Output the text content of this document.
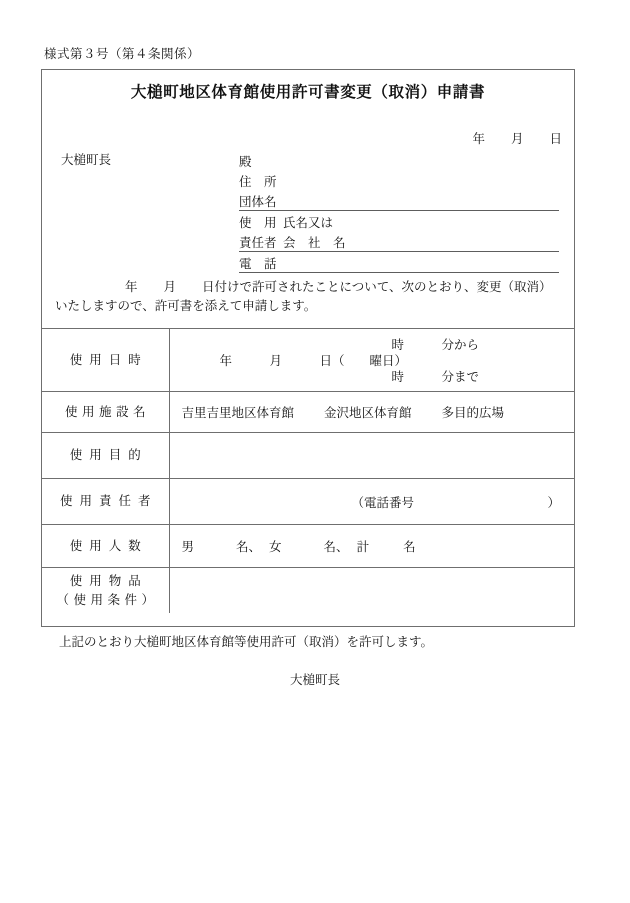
様式第３号（第４条関係）
大槌町地区体育館使用許可書変更（取消）申請書
年 月 日
大槌町長	殿
住　所
団体名
使　用 氏名又は
責任者 会　社　名
電　話
年 月 日付けで許可されたことについて、次のとおり、変更（取消）
いたしますので、許可書を添えて申請します。
使用日時	年　　　月　　　日（　　曜日）
時　　　分から
時　　　分まで

使用施設名	吉里吉里地区体育館 金沢地区体育館 多目的広場

使用目的	

使用責任者	（電話番号 ）

使用人数	男 名、 女 名、 計 名

使用物品
（使用条件）	

上記のとおり大槌町地区体育館等使用許可（取消）を許可します。
大槌町長
